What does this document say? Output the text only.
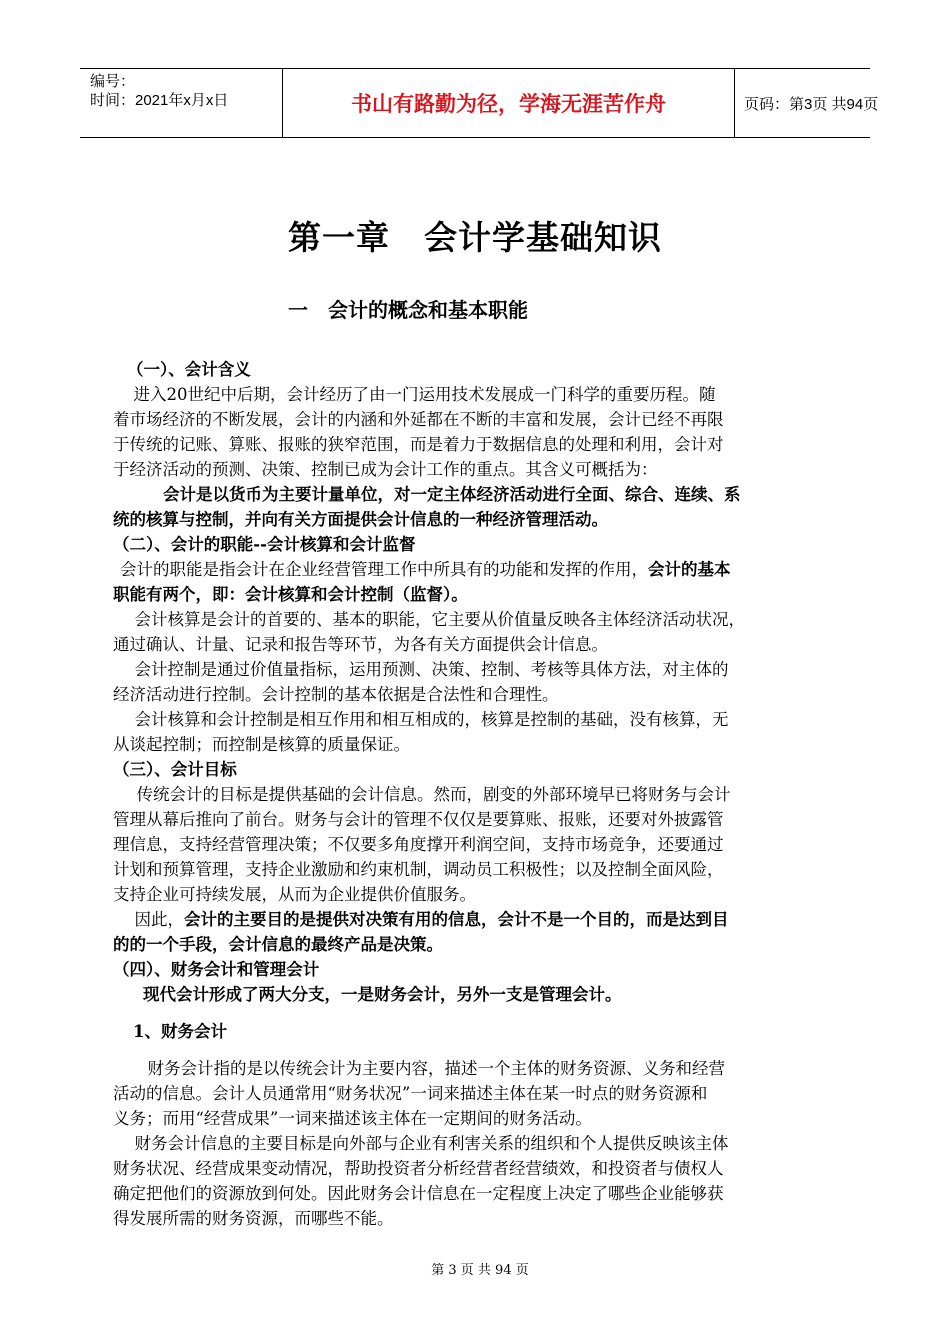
编号：
时间：2021年x月x日	书山有路勤为径，学海无涯苦作舟	页码：第3页 共94页
第一章　会计学基础知识
一　会计的概念和基本职能
（一）、会计含义
　进入20世纪中后期，会计经历了由一门运用技术发展成一门科学的重要历程。随
着市场经济的不断发展，会计的内涵和外延都在不断的丰富和发展，会计已经不再限
于传统的记账、算账、报账的狭窄范围，而是着力于数据信息的处理和利用，会计对
于经济活动的预测、决策、控制已成为会计工作的重点。其含义可概括为：
会计是以货币为主要计量单位，对一定主体经济活动进行全面、综合、连续、系
统的核算与控制，并向有关方面提供会计信息的一种经济管理活动。
（二）、会计的职能--会计核算和会计监督
会计的职能是指会计在企业经营管理工作中所具有的功能和发挥的作用，会计的基本
职能有两个，即：会计核算和会计控制（监督）。
　会计核算是会计的首要的、基本的职能，它主要从价值量反映各主体经济活动状况，
通过确认、计量、记录和报告等环节，为各有关方面提供会计信息。
　会计控制是通过价值量指标，运用预测、决策、控制、考核等具体方法，对主体的
经济活动进行控制。会计控制的基本依据是合法性和合理性。
　会计核算和会计控制是相互作用和相互相成的，核算是控制的基础，没有核算，无
从谈起控制；而控制是核算的质量保证。
（三）、会计目标
　传统会计的目标是提供基础的会计信息。然而，剧变的外部环境早已将财务与会计
管理从幕后推向了前台。财务与会计的管理不仅仅是要算账、报账，还要对外披露管
理信息，支持经营管理决策；不仅要多角度撑开利润空间，支持市场竞争，还要通过
计划和预算管理，支持企业激励和约束机制，调动员工积极性；以及控制全面风险，
支持企业可持续发展，从而为企业提供价值服务。
　因此，会计的主要目的是提供对决策有用的信息，会计不是一个目的，而是达到目
的的一个手段，会计信息的最终产品是决策。
（四）、财务会计和管理会计
现代会计形成了两大分支，一是财务会计，另外一支是管理会计。
1、财务会计
　财务会计指的是以传统会计为主要内容，描述一个主体的财务资源、义务和经营
活动的信息。会计人员通常用“财务状况”一词来描述主体在某一时点的财务资源和
义务；而用“经营成果”一词来描述该主体在一定期间的财务活动。
　财务会计信息的主要目标是向外部与企业有利害关系的组织和个人提供反映该主体
财务状况、经营成果变动情况，帮助投资者分析经营者经营绩效，和投资者与债权人
确定把他们的资源放到何处。因此财务会计信息在一定程度上决定了哪些企业能够获
得发展所需的财务资源，而哪些不能。
第 3 页 共 94 页
